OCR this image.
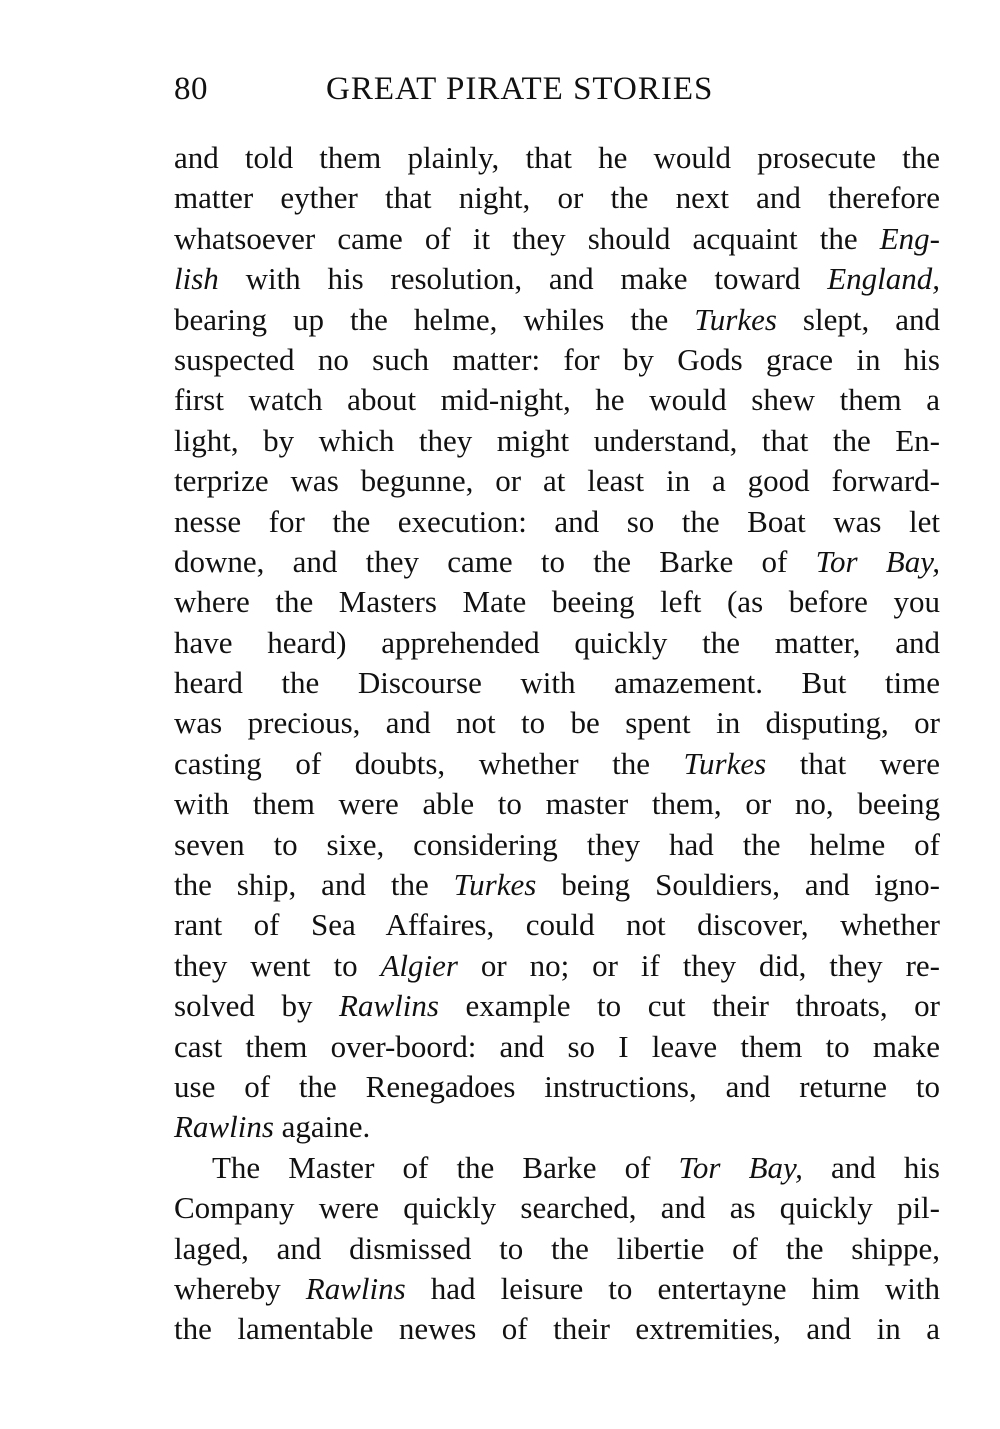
80	GREAT PIRATE STORIES
and told them plainly, that he would prosecute the
matter eyther that night, or the next and therefore
whatsoever came of it they should acquaint the Eng-
lish with his resolution, and make toward England,
bearing up the helme, whiles the Turkes slept, and
suspected no such matter: for by Gods grace in his
first watch about mid-night, he would shew them a
light, by which they might understand, that the En-
terprize was begunne, or at least in a good forward-
nesse for the execution: and so the Boat was let
downe, and they came to the Barke of Tor Bay,
where the Masters Mate beeing left (as before you
have heard) apprehended quickly the matter, and
heard the Discourse with amazement. But time
was precious, and not to be spent in disputing, or
casting of doubts, whether the Turkes that were
with them were able to master them, or no, beeing
seven to sixe, considering they had the helme of
the ship, and the Turkes being Souldiers, and igno-
rant of Sea Affaires, could not discover, whether
they went to Algier or no; or if they did, they re-
solved by Rawlins example to cut their throats, or
cast them over-boord: and so I leave them to make
use of the Renegadoes instructions, and returne to
Rawlins againe.
The Master of the Barke of Tor Bay, and his
Company were quickly searched, and as quickly pil-
laged, and dismissed to the libertie of the shippe,
whereby Rawlins had leisure to entertayne him with
the lamentable newes of their extremities, and in a
